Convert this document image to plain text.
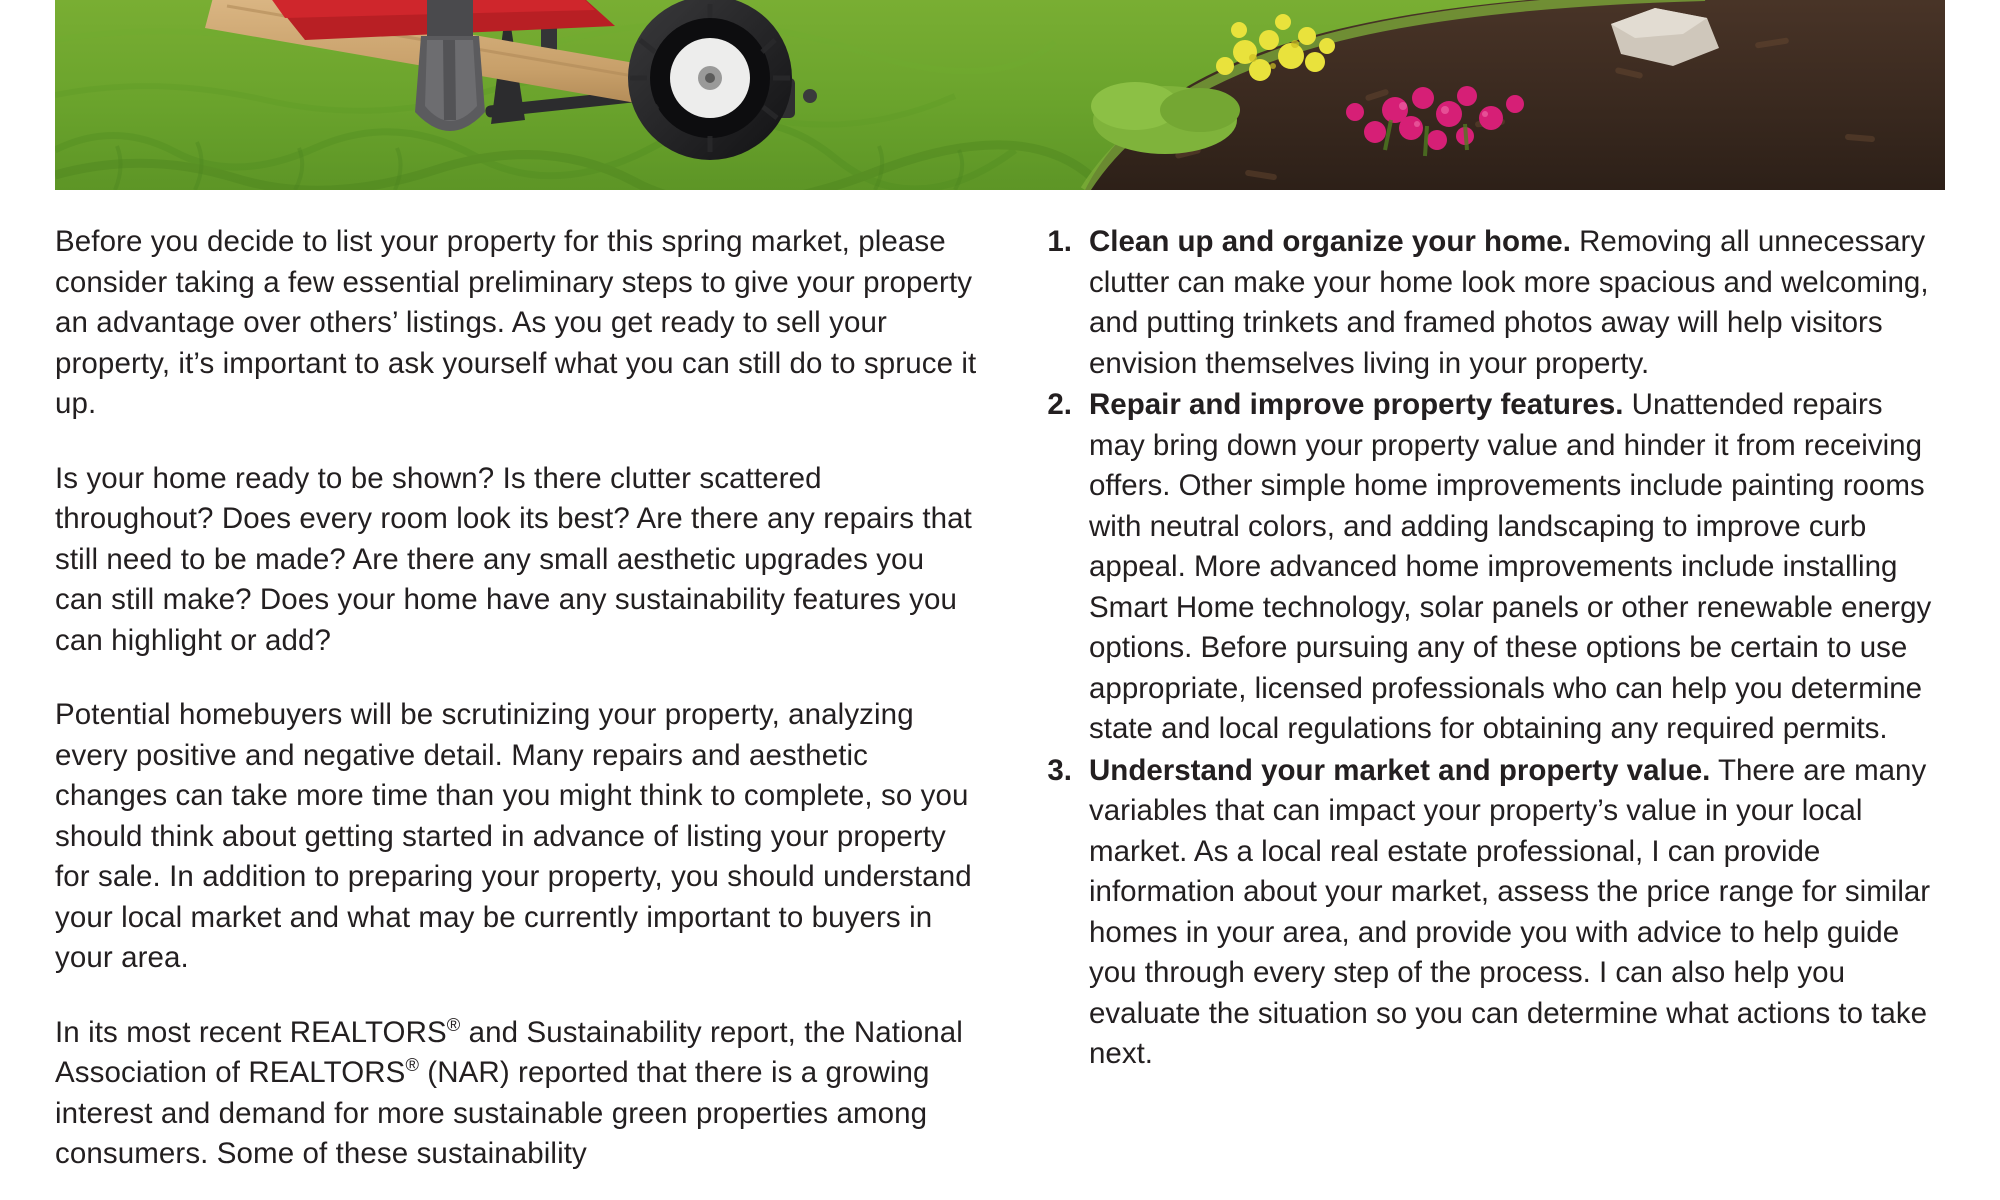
Before you decide to list your property for this spring market, please consider taking a few essential preliminary steps to give your property an advantage over others’ listings. As you get ready to sell your property, it’s important to ask yourself what you can still do to spruce it up.

Is your home ready to be shown? Is there clutter scattered throughout? Does every room look its best? Are there any repairs that still need to be made? Are there any small aesthetic upgrades you can still make? Does your home have any sustainability features you can highlight or add?

Potential homebuyers will be scrutinizing your property, analyzing every positive and negative detail. Many repairs and aesthetic changes can take more time than you might think to complete, so you should think about getting started in advance of listing your property for sale. In addition to preparing your property, you should understand your local market and what may be currently important to buyers in your area.

In its most recent REALTORS® and Sustainability report, the National Association of REALTORS® (NAR) reported that there is a growing interest and demand for more sustainable green properties among consumers. Some of these sustainability

1. Clean up and organize your home. Removing all unnecessary clutter can make your home look more spacious and welcoming, and putting trinkets and framed photos away will help visitors envision themselves living in your property.
2. Repair and improve property features. Unattended repairs may bring down your property value and hinder it from receiving offers. Other simple home improvements include painting rooms with neutral colors, and adding landscaping to improve curb appeal. More advanced home improvements include installing Smart Home technology, solar panels or other renewable energy options. Before pursuing any of these options be certain to use appropriate, licensed professionals who can help you determine state and local regulations for obtaining any required permits.
3. Understand your market and property value. There are many variables that can impact your property’s value in your local market. As a local real estate professional, I can provide information about your market, assess the price range for similar homes in your area, and provide you with advice to help guide you through every step of the process. I can also help you evaluate the situation so you can determine what actions to take next.
